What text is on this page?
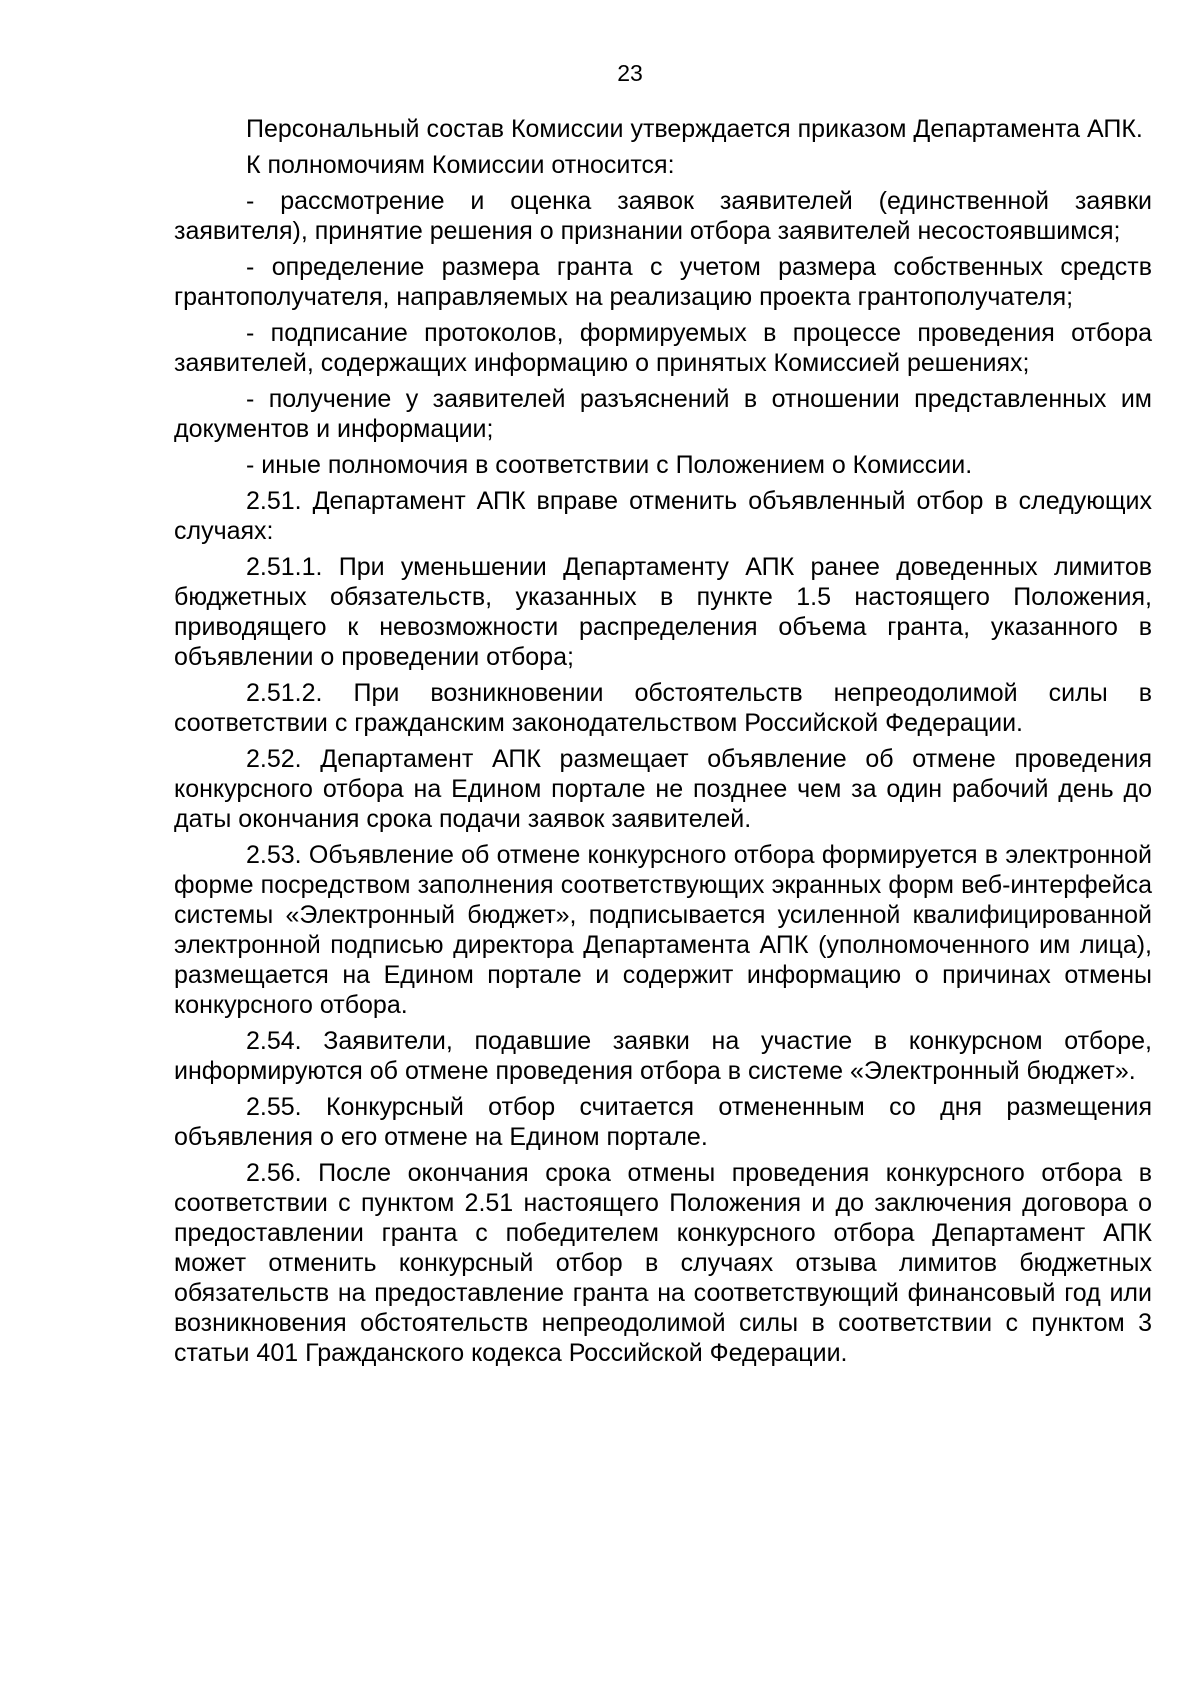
23

Персональный состав Комиссии утверждается приказом Департамента АПК.

К полномочиям Комиссии относится:

- рассмотрение и оценка заявок заявителей (единственной заявки заявителя), принятие решения о признании отбора заявителей несостоявшимся;

- определение размера гранта с учетом размера собственных средств грантополучателя, направляемых на реализацию проекта грантополучателя;

- подписание протоколов, формируемых в процессе проведения отбора заявителей, содержащих информацию о принятых Комиссией решениях;

- получение у заявителей разъяснений в отношении представленных им документов и информации;

- иные полномочия в соответствии с Положением о Комиссии.

2.51. Департамент АПК вправе отменить объявленный отбор в следующих случаях:

2.51.1. При уменьшении Департаменту АПК ранее доведенных лимитов бюджетных обязательств, указанных в пункте 1.5 настоящего Положения, приводящего к невозможности распределения объема гранта, указанного в объявлении о проведении отбора;

2.51.2. При возникновении обстоятельств непреодолимой силы в соответствии с гражданским законодательством Российской Федерации.

2.52. Департамент АПК размещает объявление об отмене проведения конкурсного отбора на Едином портале не позднее чем за один рабочий день до даты окончания срока подачи заявок заявителей.

2.53. Объявление об отмене конкурсного отбора формируется в электронной форме посредством заполнения соответствующих экранных форм веб-интерфейса системы «Электронный бюджет», подписывается усиленной квалифицированной электронной подписью директора Департамента АПК (уполномоченного им лица), размещается на Едином портале и содержит информацию о причинах отмены конкурсного отбора.

2.54. Заявители, подавшие заявки на участие в конкурсном отборе, информируются об отмене проведения отбора в системе «Электронный бюджет».

2.55. Конкурсный отбор считается отмененным со дня размещения объявления о его отмене на Едином портале.

2.56. После окончания срока отмены проведения конкурсного отбора в соответствии с пунктом 2.51 настоящего Положения и до заключения договора о предоставлении гранта с победителем конкурсного отбора Департамент АПК может отменить конкурсный отбор в случаях отзыва лимитов бюджетных обязательств на предоставление гранта на соответствующий финансовый год или возникновения обстоятельств непреодолимой силы в соответствии с пунктом 3 статьи 401 Гражданского кодекса Российской Федерации.
